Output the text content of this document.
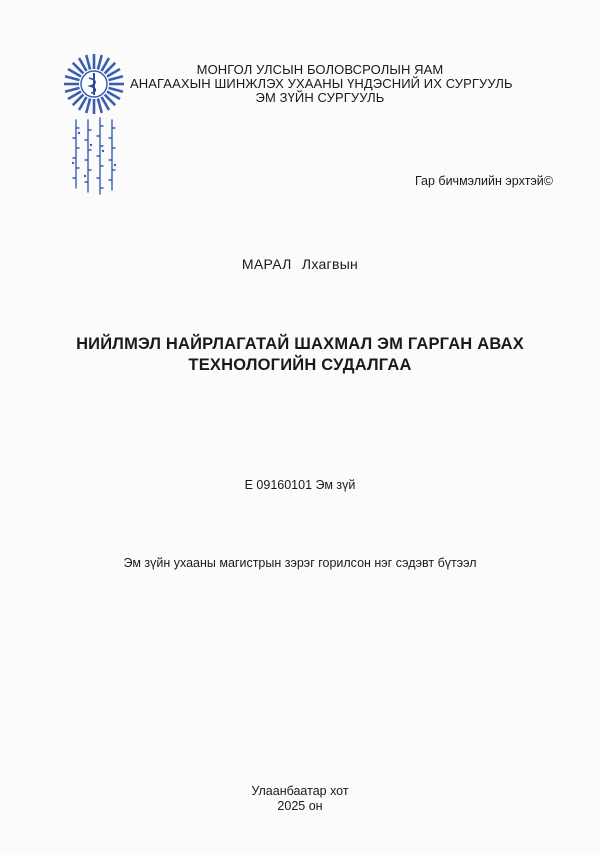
МОНГОЛ УЛСЫН БОЛОВСРОЛЫН ЯАМ
АНАГААХЫН ШИНЖЛЭХ УХААНЫ ҮНДЭСНИЙ ИХ СУРГУУЛЬ
ЭМ ЗҮЙН СУРГУУЛЬ
Гар бичмэлийн эрхтэй©
МАРАЛ Лхагвын
НИЙЛМЭЛ НАЙРЛАГАТАЙ ШАХМАЛ ЭМ ГАРГАН АВАХ
ТЕХНОЛОГИЙН СУДАЛГАА
Е 09160101 Эм зүй
Эм зүйн ухааны магистрын зэрэг горилсон нэг сэдэвт бүтээл
Улаанбаатар хот
2025 он
